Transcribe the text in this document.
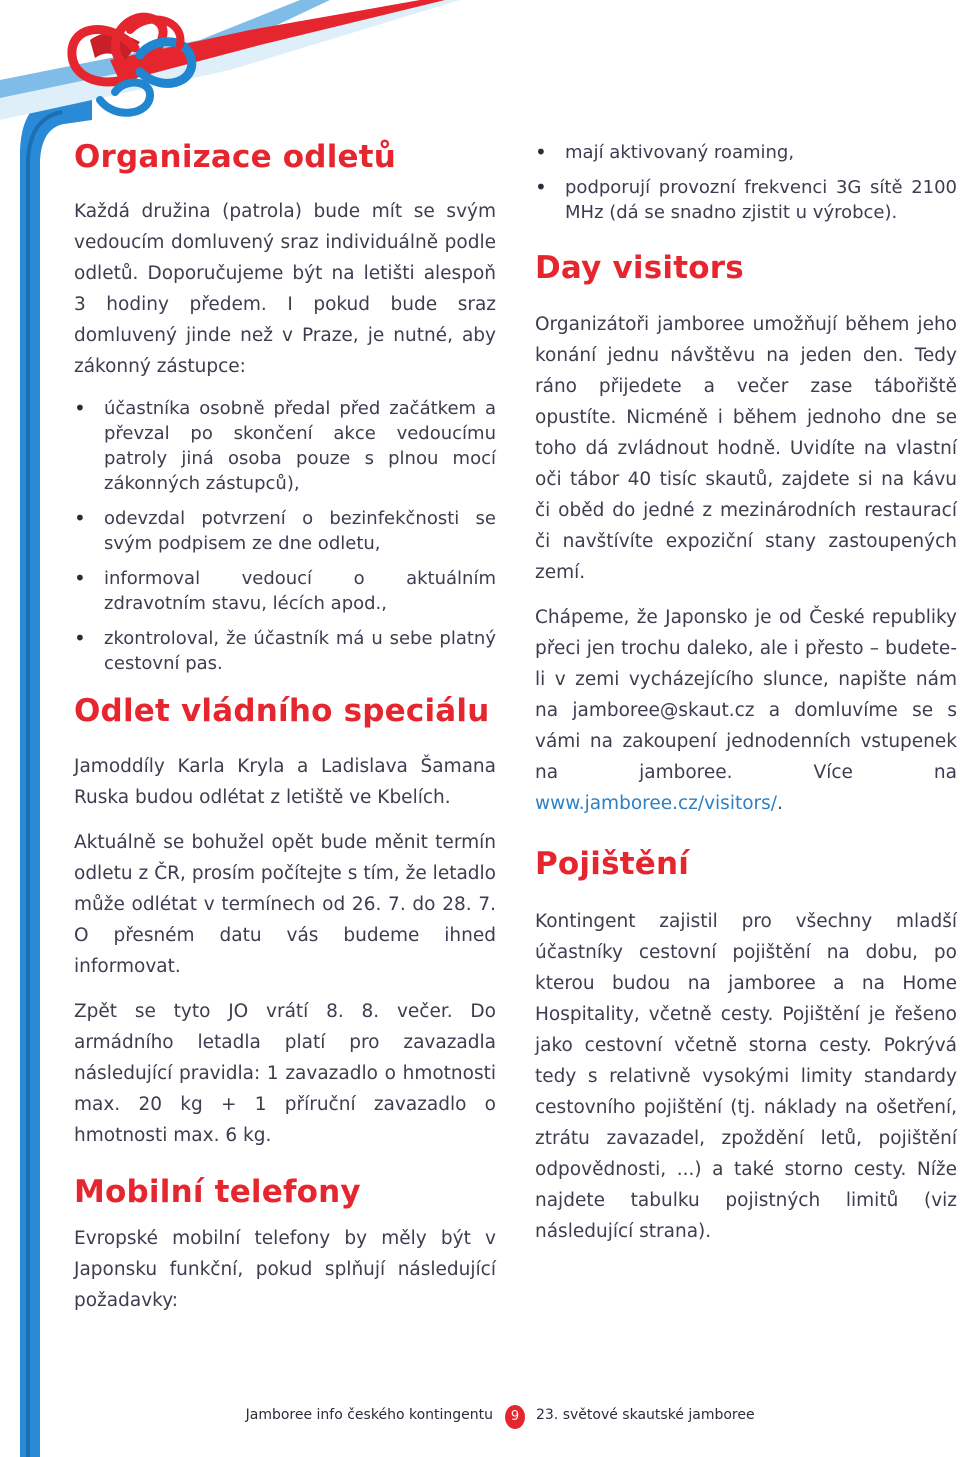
Organizace odletů

Každá družina (patrola) bude mít se svým vedoucím domluvený sraz individuálně podle odletů. Doporučujeme být na letišti alespoň 3 hodiny předem. I pokud bude sraz domluvený jinde než v Praze, je nutné, aby zákonný zástupce:

• účastníka osobně předal před začátkem a převzal po skončení akce vedoucímu patroly jiná osoba pouze s plnou mocí zákonných zástupců),
• odevzdal potvrzení o bezinfekčnosti se svým podpisem ze dne odletu,
• informoval vedoucí o aktuálním zdravotním stavu, lécích apod.,
• zkontroloval, že účastník má u sebe platný cestovní pas.
Odlet vládního speciálu

Jamoddíly Karla Kryla a Ladislava Šamana Ruska budou odlétat z letiště ve Kbelích.

Aktuálně se bohužel opět bude měnit termín odletu z ČR, prosím počítejte s tím, že letadlo může odlétat v termínech od 26. 7. do 28. 7. O přesném datu vás budeme ihned informovat.

Zpět se tyto JO vrátí 8. 8. večer. Do armádního letadla platí pro zavazadla následující pravidla: 1 zavazadlo o hmotnosti max. 20 kg + 1 příruční zavazadlo o hmotnosti max. 6 kg.

Mobilní telefony

Evropské mobilní telefony by měly být v Japonsku funkční, pokud splňují následující požadavky:

• mají aktivovaný roaming,
• podporují provozní frekvenci 3G sítě 2100 MHz (dá se snadno zjistit u výrobce).
Day visitors

Organizátoři jamboree umožňují během jeho konání jednu návštěvu na jeden den. Tedy ráno přijedete a večer zase tábořiště opustíte. Nicméně i během jednoho dne se toho dá zvládnout hodně. Uvidíte na vlastní oči tábor 40 tisíc skautů, zajdete si na kávu či oběd do jedné z mezinárodních restaurací či navštívíte expoziční stany zastoupených zemí.

Chápeme, že Japonsko je od České republiky přeci jen trochu daleko, ale i přesto – budete-li v zemi vycházejícího slunce, napište nám na jamboree@skaut.cz a domluvíme se s vámi na zakoupení jednodenních vstupenek na jamboree. Více na www.jamboree.cz/visitors/.

Pojištění

Kontingent zajistil pro všechny mladší účastníky cestovní pojištění na dobu, po kterou budou na jamboree a na Home Hospitality, včetně cesty. Pojištění je řešeno jako cestovní včetně storna cesty. Pokrývá tedy s relativně vysokými limity standardy cestovního pojištění (tj. náklady na ošetření, ztrátu zavazadel, zpoždění letů, pojištění odpovědnosti, ...) a také storno cesty. Níže najdete tabulku pojistných limitů (viz následující strana).

Jamboree info českého kontingentu	9	23. světové skautské jamboree
